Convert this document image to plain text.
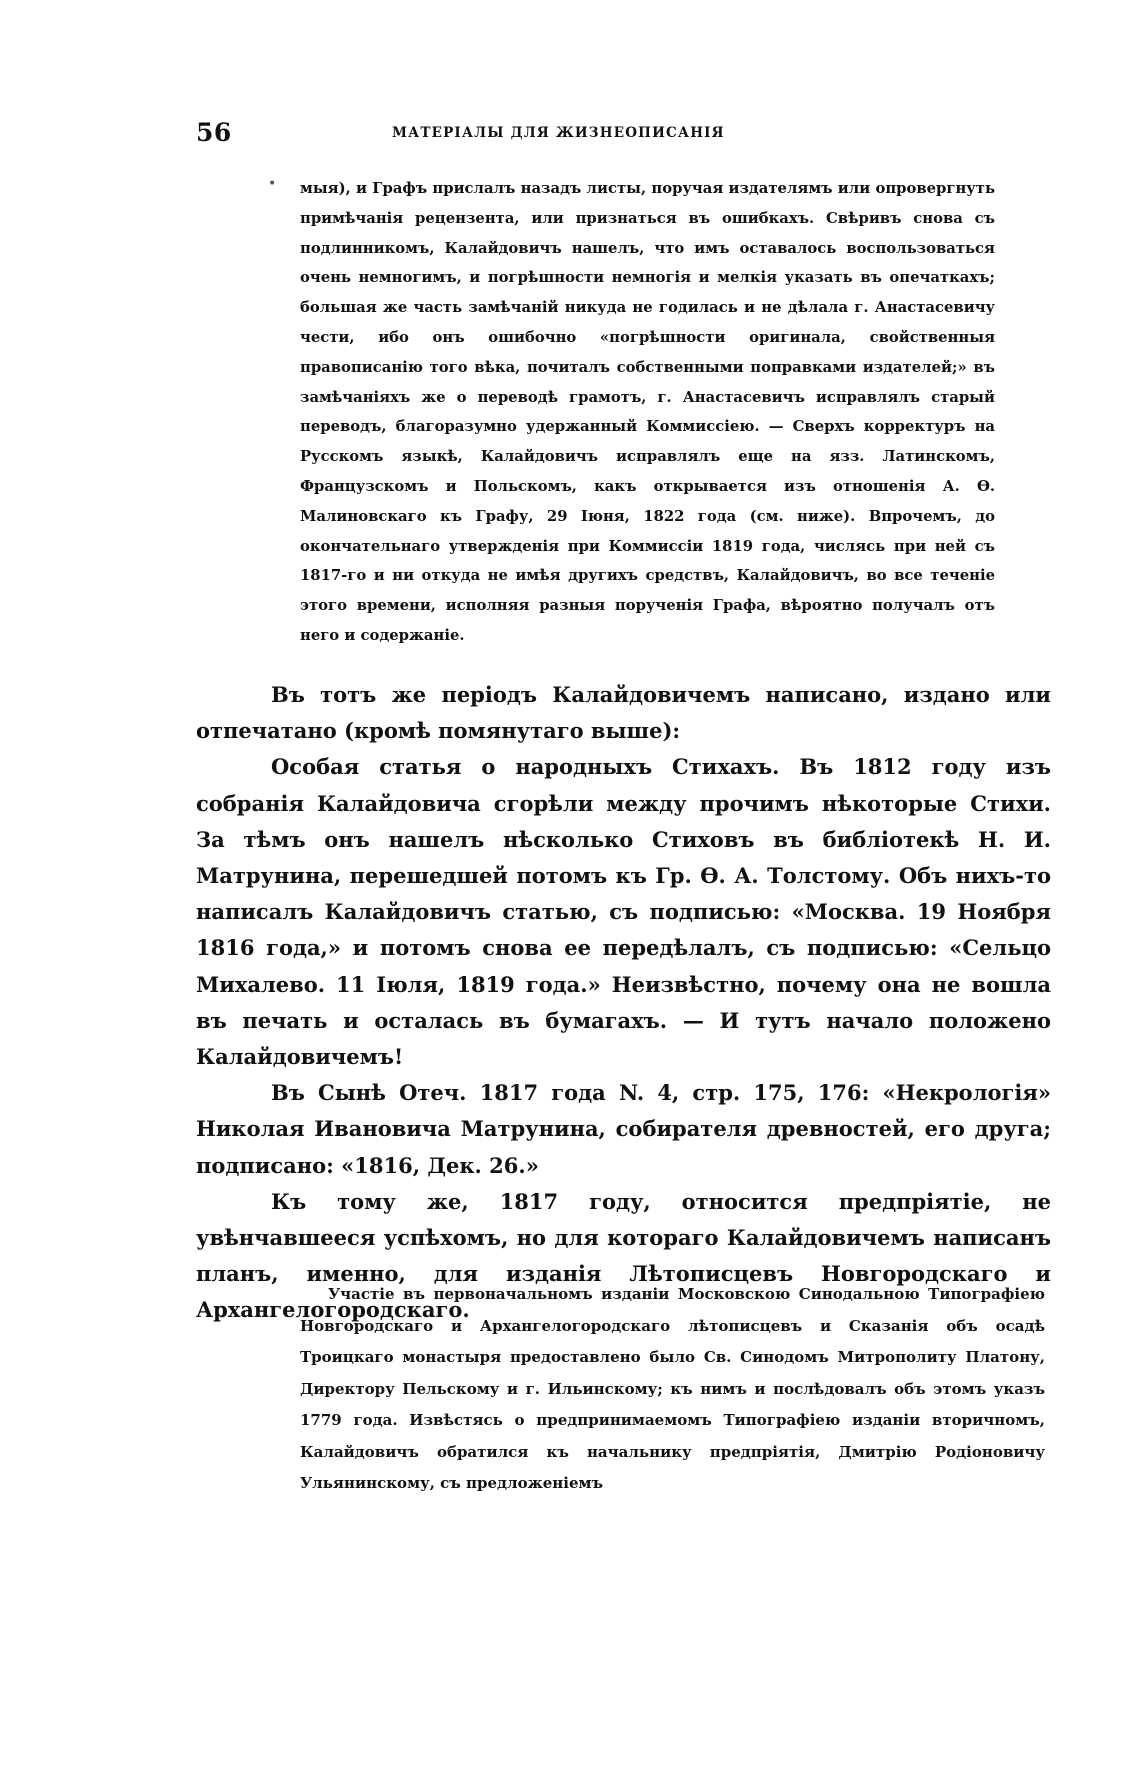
56	МАТЕРІАЛЫ ДЛЯ ЖИЗНЕОПИСАНІЯ
• мыя), и Графъ прислалъ назадъ листы, поручая издателямъ или опровергнуть примѣчанія рецензента, или признаться въ ошибкахъ. Свѣривъ снова съ подлинникомъ, Калайдовичъ нашелъ, что имъ оставалось воспользоваться очень немногимъ, и погрѣшности немногія и мелкія указать въ опечаткахъ; большая же часть замѣчаній никуда не годилась и не дѣлала г. Анастасевичу чести, ибо онъ ошибочно «погрѣшности оригинала, свойственныя правописанію того вѣка, почиталъ собственными поправками издателей;» въ замѣчаніяхъ же о переводѣ грамотъ, г. Анастасевичъ исправлялъ старый переводъ, благоразумно удержанный Коммиссіею. — Сверхъ корректуръ на Русскомъ языкѣ, Калайдовичъ исправлялъ еще на язз. Латинскомъ, Французскомъ и Польскомъ, какъ открывается изъ отношенія А. Ѳ. Малиновскаго къ Графу, 29 Іюня, 1822 года (см. ниже). Впрочемъ, до окончательнаго утвержденія при Коммиссіи 1819 года, числясь при ней съ 1817-го и ни откуда не имѣя другихъ средствъ, Калайдовичъ, во все теченіе этого времени, исполняя разныя порученія Графа, вѣроятно получалъ отъ него и содержаніе.

Въ тотъ же періодъ Калайдовичемъ написано, издано или отпечатано (кромѣ помянутаго выше):

Особая статья о народныхъ Стихахъ. Въ 1812 году изъ собранія Калайдовича сгорѣли между прочимъ нѣкоторые Стихи. За тѣмъ онъ нашелъ нѣсколько Стиховъ въ библіотекѣ Н. И. Матрунина, перешедшей потомъ къ Гр. Ѳ. А. Толстому. Объ нихъ-то написалъ Калайдовичъ статью, съ подписью: «Москва. 19 Ноября 1816 года,» и потомъ снова ее передѣлалъ, съ подписью: «Сельцо Михалево. 11 Іюля, 1819 года.» Неизвѣстно, почему она не вошла въ печать и осталась въ бумагахъ. — И тутъ начало положено Калайдовичемъ!

Въ Сынѣ Отеч. 1817 года N. 4, стр. 175, 176: «Некрологія» Николая Ивановича Матрунина, собирателя древностей, его друга; подписано: «1816, Дек. 26.»

Къ тому же, 1817 году, относится предпріятіе, не увѣнчавшееся успѣхомъ, но для котораго Калайдовичемъ написанъ планъ, именно, для изданія Лѣтописцевъ Новгородскаго и Архангелогородскаго.

Участіе въ первоначальномъ изданіи Московскою Синодальною Типографіею Новгородскаго и Архангелогородскаго лѣтописцевъ и Сказанія объ осадѣ Троицкаго монастыря предоставлено было Св. Синодомъ Митрополиту Платону, Директору Пельскому и г. Ильинскому; къ нимъ и послѣдовалъ объ этомъ указъ 1779 года. Извѣстясь о предпринимаемомъ Типографіею изданіи вторичномъ, Калайдовичъ обратился къ начальнику предпріятія, Дмитрію Родіоновичу Ульянинскому, съ предложеніемъ
